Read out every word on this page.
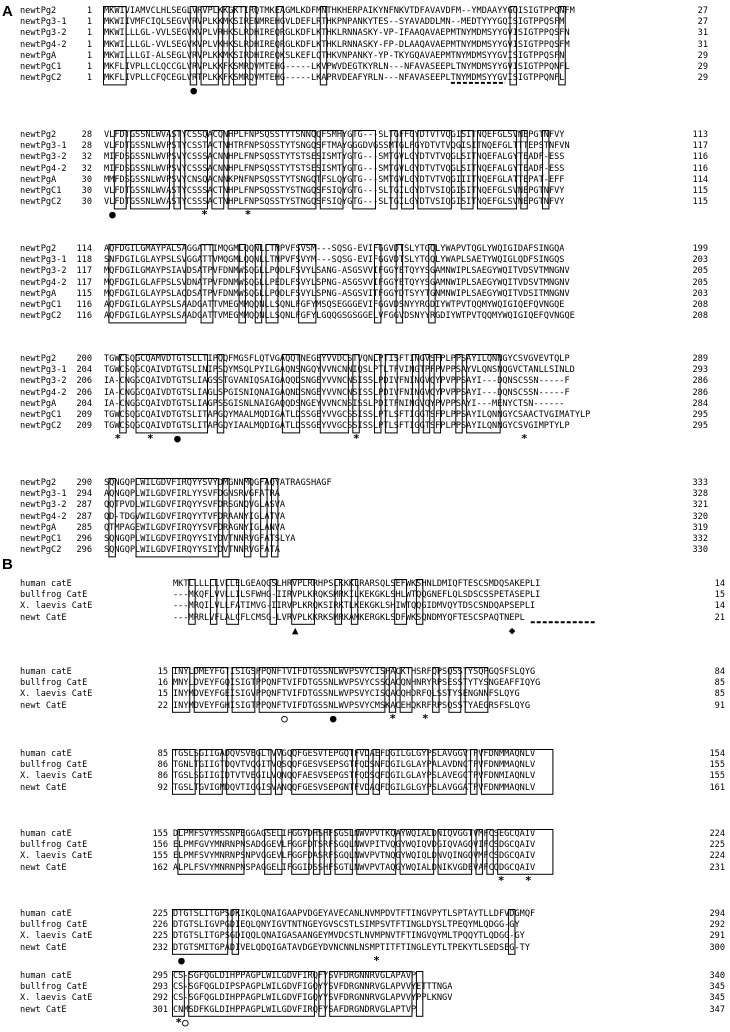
A newtPg2	1 MKWIVIAMVCLHLSEGLVRVPLKKGKTIRQTMKEAGMLKDFMNTHKHERPAIKYNFNKVTDFAVAVDFM--YMDAAYYGQISIGTPPQNFM	27
newtPg3-1	1 MKWIIVMFCIQLSEGVVRVPLKKMKSIRENMREHGVLDEFLRTHKPNPANKYTES--SYAVADDLMN--MEDTYYYGQISIGTPPQSFM	27
newtPg3-2	1 MKWILLLGL-VVLSEGVKVPLVRHKSLRDHIREQRGLKDFLKTHKLRNNASKY-VP-IFAAQAVAEPMTNYMDMSYYGVISIGTPPQSFN	31
newtPg4-2	1 MKWILLLGL-VVLSEGVKVPLVKHKSLRDHIREQRGLKDFLKTHKLRNNASKY-FP-DLAAQAVAEPMTNYMDMSYYGVISIGTPPQSFM	31
newtPgA	1 MKWILLLGI-ALSEGLVRVPLKKMKSIRDHIREQKSLKEFLQTHKVNPANKY-YP-TKYGQAVAEPMTNYMDMSYYGVISIGTPPQSFN	29
newtPgC1	1 MKFLIVPLLCLQCCGLVRVPLKKFKSMRQVMTEHG-----LKVPWVDEGTKYRLN---NFAVASEEPLTNYMDMSYYGVISIGTPPQNFL	29
newtPgC2	1 MKFLIVPLLCFQCEGLVRTPLKKFKSMRQVMTEHG-----LKAPRVDEAFYRLN---NFAVASEEPLTNYMDMSYYGVISIGTPPQNFL	29
●
newtPg2	28 VLFDTGSSNLWVASTYCSSQACQNHPLFNPSQSSTYTSNNQQFSMHYGTG---SLTGFFGYDTVTVQGISITNQEFGLSVNEPGTNFVY	113
newtPg3-1	28 VLFDTGSSNLWVPSTYCSSTACTNHTRFNPSQSSTYTSNGQSFTMAYGGGDVGSSMTGLFGYDTVTVQGISITNQEFGLTTTEPSTNFVN	117
newtPg3-2	32 MIFDSGSSNLWVPSVYCSSSACNNHPLFNPSQSSTYTSTSESISMTYGTG---SMTGVLGYDTVTVQGLSITNQEFALGYTEADF-ESS	116
newtPg4-2	32 MIFDSGSSNLWVPSVYCSSSACNNHPLFNPSQSSTYTSTSESISMTYGTG---SMTGVLGYDTVTVQGLSITNQEFALGYTEADF-ESS	116
newtPgA	30 MMFDSGSSNLWVPSVYCNSQACNNKPNFNPSQSSTYTSNGQTFSLQYGTG---SMTGVLGYDTVTVQGIIITNQEFGLATTEPAT-EFF	114
newtPgC1	30 VLFDTGSSNLWVASTYCSSSACTNHPLFNPSQSSTYSTNGQSFSIQYGTG---SLTGILGYDTVSIQGISITNQEFGLSVNEPGTNFVY	115
newtPgC2	30 VLFDTGSSNLWVASTYCSSSACTNHPLFNPSQSSTYSTNGQSFSIQYGTG---SLTGILGYDTVSIQGISITNQEFGLSVNEPGTNFVY	115
●	*	*
newtPg2	114 AQFDGILGMAYPALSAGGATTIMQGMLQQNLLTNPVFSVSM---SQSG-EVIFGGVDTSLYTGQLYWAPVTQGLYWQIGIDAFSINGQA	199
newtPg3-1	118 SNFDGILGLAYPSLSVGGATTVMQGMLQQNLLTNPVFSVYM---SQSG-EVIFGGVDTSLYTGQLYWAPLSAETYWQIGLQDFSINGQS	203
newtPg3-2	117 MQFDGILGMAYPSIAVDSATPVFDNMWSQGLLPQDLFSVYLSANG-ASGSVVIFGGYETQYYSGAMNWIPLSAEGYWQITVDSVTMNGNV	205
newtPg4-2	117 MQFDGILGLAFPSLSVDNATPVFDNMWSQGLLPEDLFSVYLSPNG-ASGSVVIFGGYETQYYSGAMNWIPLSAEGYWQITVDSVTMNGNV	205
newtPgA	115 MQFDGILGLAYPSLAQDSATPVFDNMWSQGLLPQDLFSVYLSPNG-ASGSVITFGGYDTSYYTGNMNWIPLSAEGYWQITVDSITMNGNV	203
newtPgC1	116 AQFDGILGLAYPSLSAADGATTVMEGMMQQNLLSQNLFGFYMSQSEGGGEVIFGGVDSNYYRGDIYWTPVTQQMYWQIGIQEFQVNGQE	208
newtPgC2	116 AQFDGILGLAYPSLSAADGATTVMEGMMQQNLLSQNLFGFYLGQQGSGSGGELVFGGVDSNYYRGDIYWTPVTQQMYWQIGIQEFQVNGQE	208
newtPg2	200 TGWCSQGCQAMVDTGTSLLTIPQQFMGSFLQTVGAQQTNEGEYVVDCSTVQNLPTISFTINGVSFPLPPSAYILQNNGYCSVGVEVTQLP	289
newtPg3-1	204 TGWCSQGCQAIVDTGTSLINIPSQYMSQLPYILGAQNSNGQYVVNCNNIQSLPTLTFVINGTPFPVPPSAYVLQNSNQGVCTANLLSINLD	293
newtPg3-2	206 IA-CNGGCQAIVDTGTSLIAGSSTGVANIQSAIGAQQDSNGEYVVNCNSISSLPDIVFNINGVQYPVPPSAYI---DQNSCSSN-----F	286
newtPg4-2	206 IA-CNGGCQAIVDTGTSLIAGLSPGISNIQNAIGAQNDSNGEYVVNCNSISSLPDIVFNINGVQYPVPPSAYI---DQNSCSSN-----F	286
newtPgA	204 IA-CNGGCQAIVDTGTSLIAGPSSGISNLNAIGAQQDSNGEYVVNCNSISSLPDITFNINGVQYPVPPSAYI---MENYCTSN------	284
newtPgC1	209 TGWCSQGCQAIVDTGTSLITAPGQYMAALMQDIGATLDSSGEYVVGCSSISSLPTLSFTIGGTSFPLPPSAYILQNNGYCSAACTVGIMATYLP	295
newtPgC2	209 TGWCSQGCQAIVDTGTSLITAPGQYIAALMQDIGATLDSSGEYVVGCSSISSLPTLSFTIGGTSFPLPPSAYILQNNGYCSVGIMPTYLP	295
* * ●	*	*
newtPg2	290 SQNGQPLWILGDVFIRQYYSVYDMGNNMQGFAQYATRAGSHAGF	333
newtPg3-1	294 AQNGQPLWILGDVFIRLYYSVFDGNSRVGFATRA	328
newtPg3-2	287 QQTPVDLWILGDVFIRQYYSVFDRSGNQVGLASVA	321
newtPg4-2	287 QD-TDGVWILGDVFIRQYYTVFDRAANYIGLATVA	320
newtPgA	285 QTMPAGEWILGDVFIRQYYSVFDRAGNYIGLANVA	319
newtPgC1	296 SQNGQPLWILGDVFIRQYYSIYDVTNNRVGFATSLYA	332
newtPgC2	296 SQNGQPLWILGDVFIRQYYSIYDVTNNRVGFATA	330
B
human catE	MKTLLLLLLVLLELGEAQGSLHRVPLRRHPSLKKKLRARSQLSEFWKSHNLDMIQFTESCSMDQSAKEPLI	14
bullfrog CatE	---MKQFLVVLLILSFWHG-IIRVPLKRQKSMRKILKEKGKLSHLWTQQGNEFLQLSDSCSSPETASEPLI	15
X. laevis CatE	---MRQILVLLFATIMVG-IIRVPLKRQKSIRKTLKEKGKLSHIWTQQGIDMVQYTDSCSNDQAPSEPLI	14
newt CatE	---MRRLVFLALCFLCMSG-LVRVPLKKRKSMRKAMKERGKLSDFWKSQNDMYQFTESCSPAQTNEPL	21
▲	◆
human catE	15 INYLDMEYFGTISIGSPPQNFTVIFDTGSSNLWVPSVYCISPACKTHSRFQPSQSSTYSQPGQSFSLQYG	84
bullfrog CatE	16 MNYLDVEYFGQISIGTPPQNFTVIFDTGSSNLWVPSVYCSSQACQNHNRYRPSESSTYTYSNGEAFFIQYG	85
X. laevis CatE	15 INYMDVEYFGEISIGVPPQNFTVIFDTGSSNLWVPSVYCISQACQHDRFQLSSTYSENGNNFSLQYG	85
newt CatE	22 INYMDVEYFGHISIGTPPQNFTVIFDTGSSNLWVPSVYCMSKACEHQKRFRPSQSSTYAEGRSFSLQYG	91
○	●	* *
human catE	85 TGSLSGIIGADQVSVEGLTVVGQQFGESVTEPGQTFVDAEFDGILGLGYPSLAVGGVTPVFDNMMAQNLV	154
bullfrog CatE	86 TGNLTGIIGTDQVTVQGITVQSQQFGESVSEPSGTFQDSNFDGILGLAYPALAVDNCTPVFDNMMAQNLV	155
X. laevis CatE	86 TGSLSGIIGIDTVTVEGILVQNQQFAESVSEPGSTFQDSQFDGILGLAYPSLAVEGCTPVFDNMIAQNLV	155
newt CatE	92 TGSLTGVIGMDQVTIGGISVANQQFGESVSEPGNTFVDAQFDGILGLGYPSLAVGGATPVFDNMMAQNLV	161
human catE	155 DLPMFSVYMSSNPEGGAGSELIFGGYDHSHFSGSLNWVPVTKQAYWQIALDNIQVGGTVMFCSEGCQAIV	224
bullfrog CatE	156 ELPMFGVYMNRNPNSADGGEVLFGGFDTSRFSGQLNWVPITVQGYWQIQVDGIQVAGQVIFCSDGCQAIV	225
X. laevis CatE	155 ELPMFSVYMNRNPSNPVGGEVLFGGFDASRFSGQLNWVPVTNQGYWQIQLDNVQINGQVMFCSDGCQAIV	224
newt CatE	162 ALPLFSVYMNRNPNSPAGGELIFGGIDSSHFSGTLNWVPVTAQGYWQIALDNIKVGDEVAFCQDGCQAIV	231
* *
human catE	225 DTGTSLITGPSDKIKQLQNAIGAAPVDGEYAVECANLNVMPDVTFTINGVPYTLSPTAYTLLDFVDGMQF	294
bullfrog CatE	226 DTGTSLIGVPGDIEQLQNYIGVTNTNGEYGVSCSTLSIMPSVTFTINGLDYSLTPEQYMLQDGG-GY	292
X. laevis CatE	225 DTGTSLITGPSGDIQQLQNAIGASAANGEYMVDCSTLNVMPNVTFTINGVQYMLTPQQYTLQDGG-GY	291
newt CatE	232 DTGTSMITGPADIVELQDQIGATAVDGEYDVNCNNLNSMPTITFTINGLEYTLTPEKYTLSEDSEG-TY	300
●	*
human catE	295 CS-SGFQGLDIHPPAGPLWILGDVFIRQFYSVFDRGNNRVGLAPAVP	340
bullfrog CatE	293 CS-SGFQGLDIPSPAGPLWILGDVFIGQYYSVFDRGNNRVGLAPVVYETTTNGA	345
X. laevis CatE	292 CS-SGFQGLDIHPPAGPLWILGDVFIGQYYSVFDRGNNRVGLAPVVYPPLKNGV	345
newt CatE	301 CNMSDFKGLDIHPPAGPLWILGDVFIRQFYSAFDRGNDRVGLAPTVP	347
*○
